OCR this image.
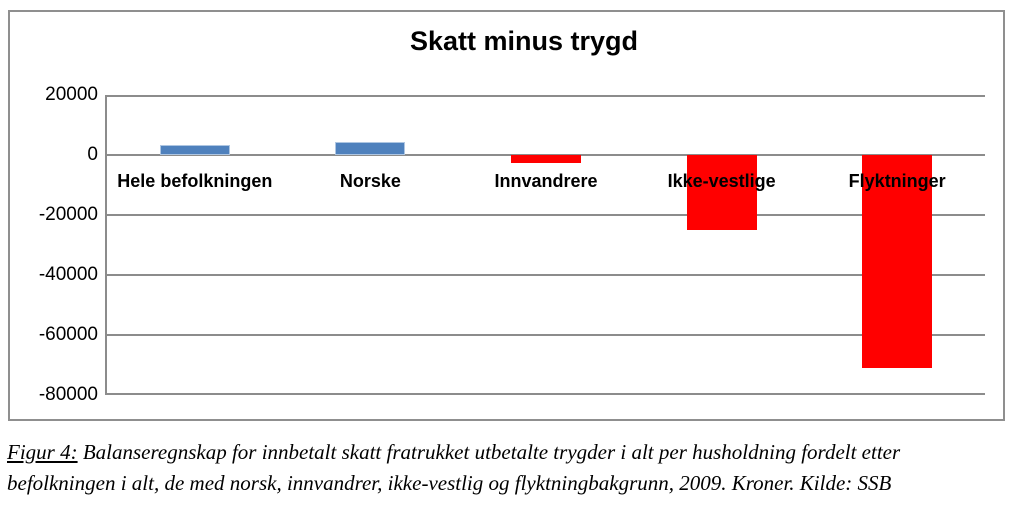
Skatt minus trygd
20000
0
-20000
-40000
-60000
-80000
Hele befolkningen	Norske	Innvandrere	Ikke-vestlige	Flyktninger
Figur 4: Balanseregnskap for innbetalt skatt fratrukket utbetalte trygder i alt per husholdning fordelt etter
befolkningen i alt, de med norsk, innvandrer, ikke-vestlig og flyktningbakgrunn, 2009. Kroner. Kilde: SSB
